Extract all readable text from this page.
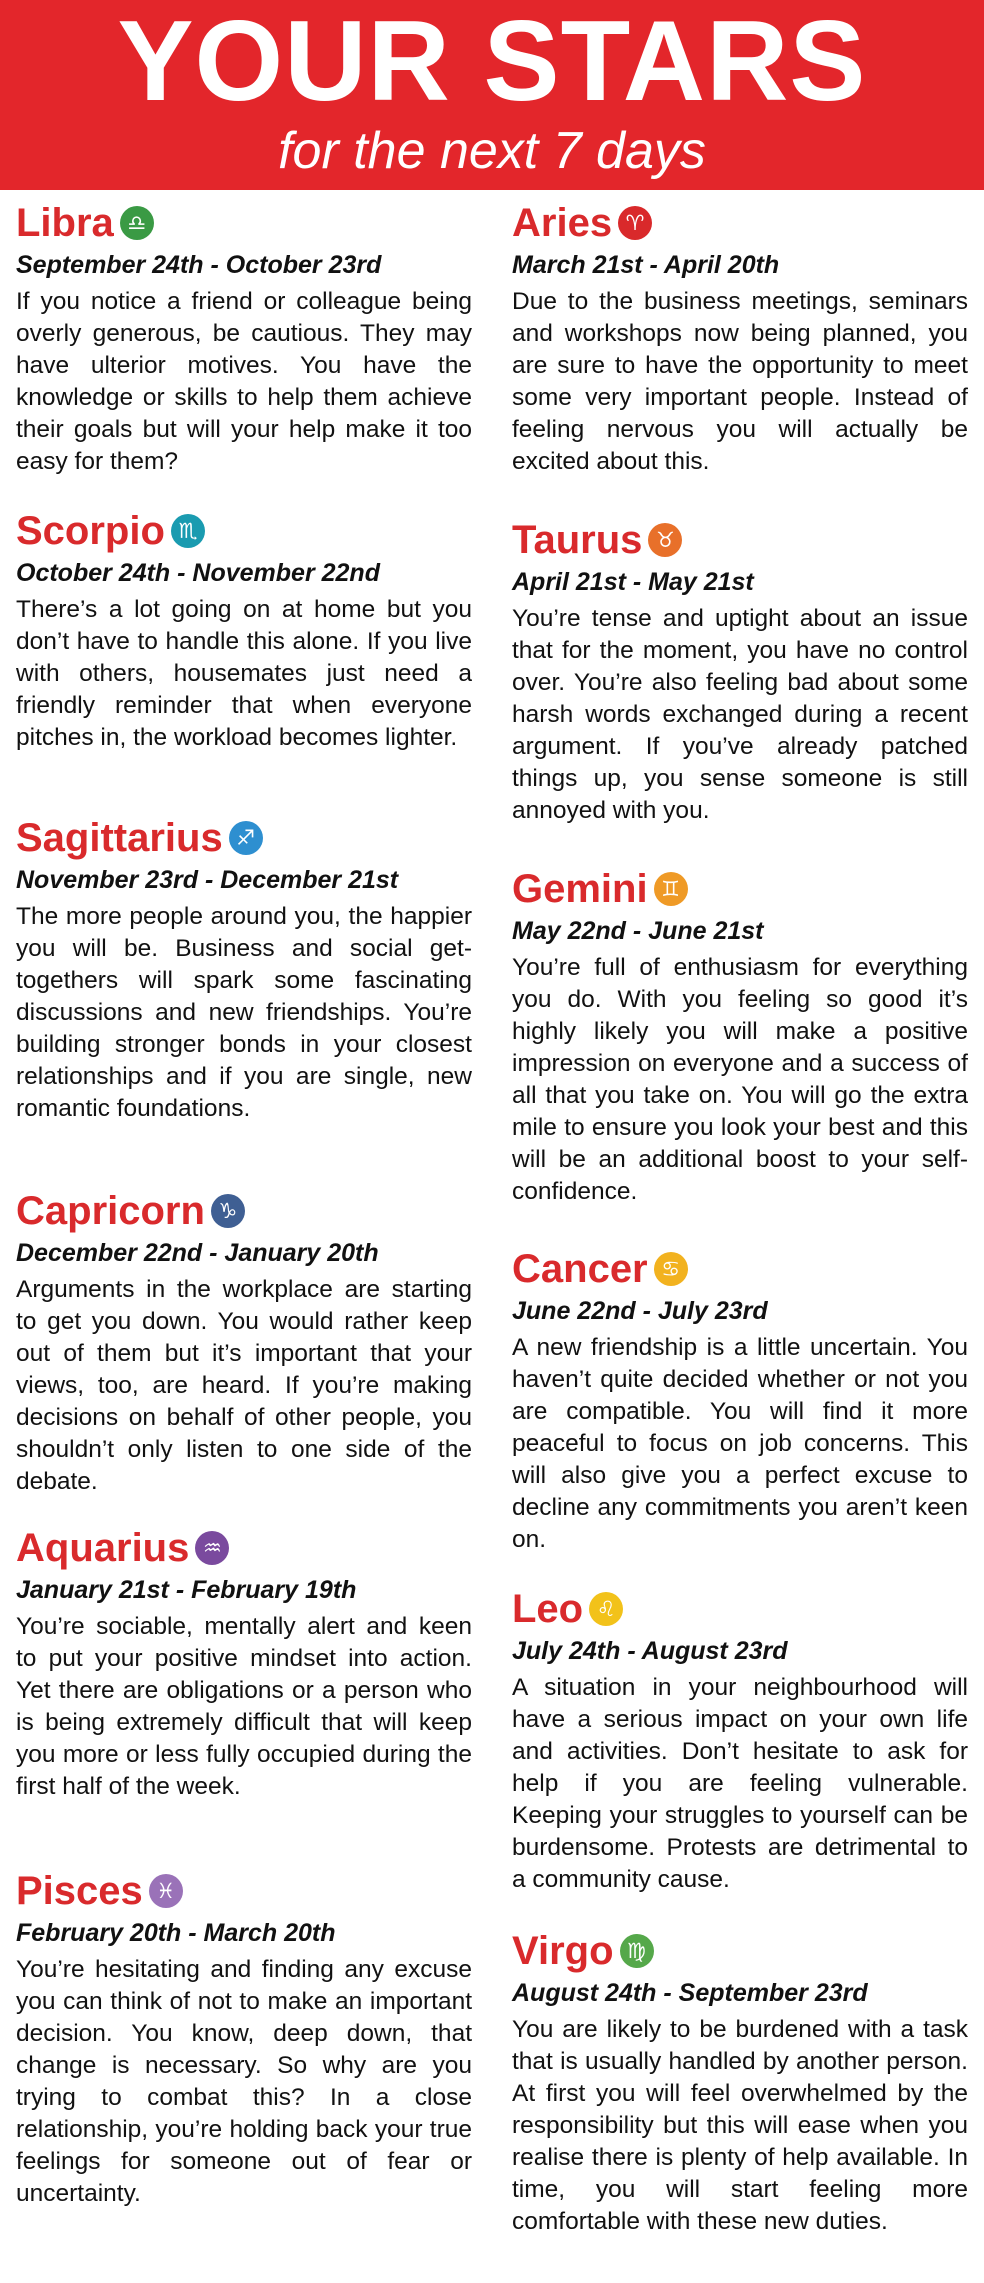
YOUR STARS
for the next 7 days
Libra ♎
September 24th - October 23rd
If you notice a friend or colleague being overly generous, be cautious. They may have ulterior motives. You have the knowledge or skills to help them achieve their goals but will your help make it too easy for them?
Scorpio ♏
October 24th - November 22nd
There’s a lot going on at home but you don’t have to handle this alone. If you live with others, housemates just need a friendly reminder that when everyone pitches in, the workload becomes lighter.
Sagittarius ♐
November 23rd - December 21st
The more people around you, the happier you will be. Business and social get-togethers will spark some fascinating discussions and new friendships. You’re building stronger bonds in your closest relationships and if you are single, new romantic foundations.
Capricorn ♑
December 22nd - January 20th
Arguments in the workplace are starting to get you down. You would rather keep out of them but it’s important that your views, too, are heard. If you’re making decisions on behalf of other people, you shouldn’t only listen to one side of the debate.
Aquarius ♒
January 21st - February 19th
You’re sociable, mentally alert and keen to put your positive mindset into action. Yet there are obligations or a person who is being extremely difficult that will keep you more or less fully occupied during the first half of the week.
Pisces ♓
February 20th - March 20th
You’re hesitating and finding any excuse you can think of not to make an important decision. You know, deep down, that change is necessary. So why are you trying to combat this? In a close relationship, you’re holding back your true feelings for someone out of fear or uncertainty.
Aries ♈
March 21st - April 20th
Due to the business meetings, seminars and workshops now being planned, you are sure to have the opportunity to meet some very important people. Instead of feeling nervous you will actually be excited about this.
Taurus ♉
April 21st - May 21st
You’re tense and uptight about an issue that for the moment, you have no control over. You’re also feeling bad about some harsh words exchanged during a recent argument. If you’ve already patched things up, you sense someone is still annoyed with you.
Gemini ♊
May 22nd - June 21st
You’re full of enthusiasm for everything you do. With you feeling so good it’s highly likely you will make a positive impression on everyone and a success of all that you take on. You will go the extra mile to ensure you look your best and this will be an additional boost to your self-confidence.
Cancer ♋
June 22nd - July 23rd
A new friendship is a little uncertain. You haven’t quite decided whether or not you are compatible. You will find it more peaceful to focus on job concerns. This will also give you a perfect excuse to decline any commitments you aren’t keen on.
Leo ♌
July 24th - August 23rd
A situation in your neighbourhood will have a serious impact on your own life and activities. Don’t hesitate to ask for help if you are feeling vulnerable. Keeping your struggles to yourself can be burdensome. Protests are detrimental to a community cause.
Virgo ♍
August 24th - September 23rd
You are likely to be burdened with a task that is usually handled by another person. At first you will feel overwhelmed by the responsibility but this will ease when you realise there is plenty of help available. In time, you will start feeling more comfortable with these new duties.
